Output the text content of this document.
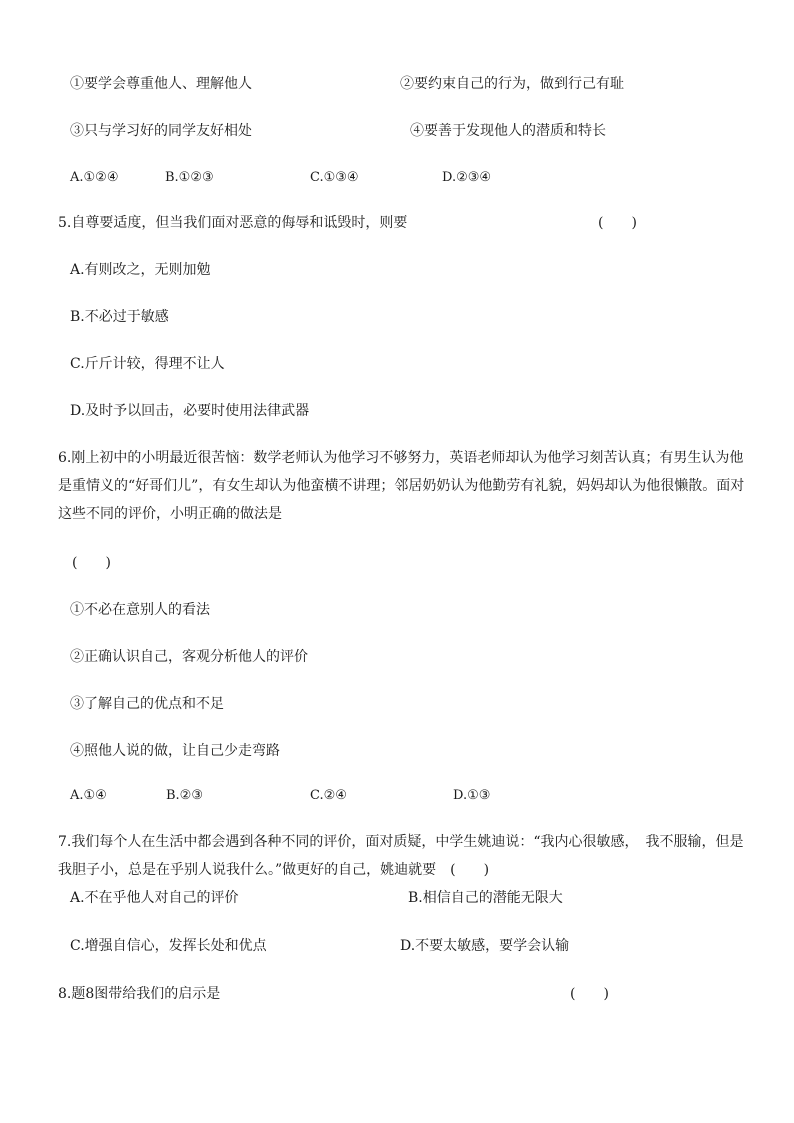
①要学会尊重他人、理解他人	②要约束自己的行为，做到行己有耻
③只与学习好的同学友好相处	④要善于发现他人的潜质和特长
A.①②④	B.①②③	C.①③④	D.②③④
5.自尊要适度，但当我们面对恶意的侮辱和诋毁时，则要	(　　)
A.有则改之，无则加勉
B.不必过于敏感
C.斤斤计较，得理不让人
D.及时予以回击，必要时使用法律武器

6.刚上初中的小明最近很苦恼：数学老师认为他学习不够努力，英语老师却认为他学习刻苦认真；有男生认为他是重情义的“好哥们儿”，有女生却认为他蛮横不讲理；邻居奶奶认为他勤劳有礼貌，妈妈却认为他很懒散。面对这些不同的评价，小明正确的做法是

(　　)
①不必在意别人的看法
②正确认识自己，客观分析他人的评价
③了解自己的优点和不足
④照他人说的做，让自己少走弯路
A.①④	B.②③	C.②④	D.①③

7.我们每个人在生活中都会遇到各种不同的评价，面对质疑，中学生姚迪说：“我内心很敏感，　我不服输，但是我胆子小，总是在乎别人说我什么。”做更好的自己，姚迪就要　(　　)

A.不在乎他人对自己的评价	B.相信自己的潜能无限大
C.增强自信心，发挥长处和优点	D.不要太敏感，要学会认输
8.题8图带给我们的启示是	(　　)
